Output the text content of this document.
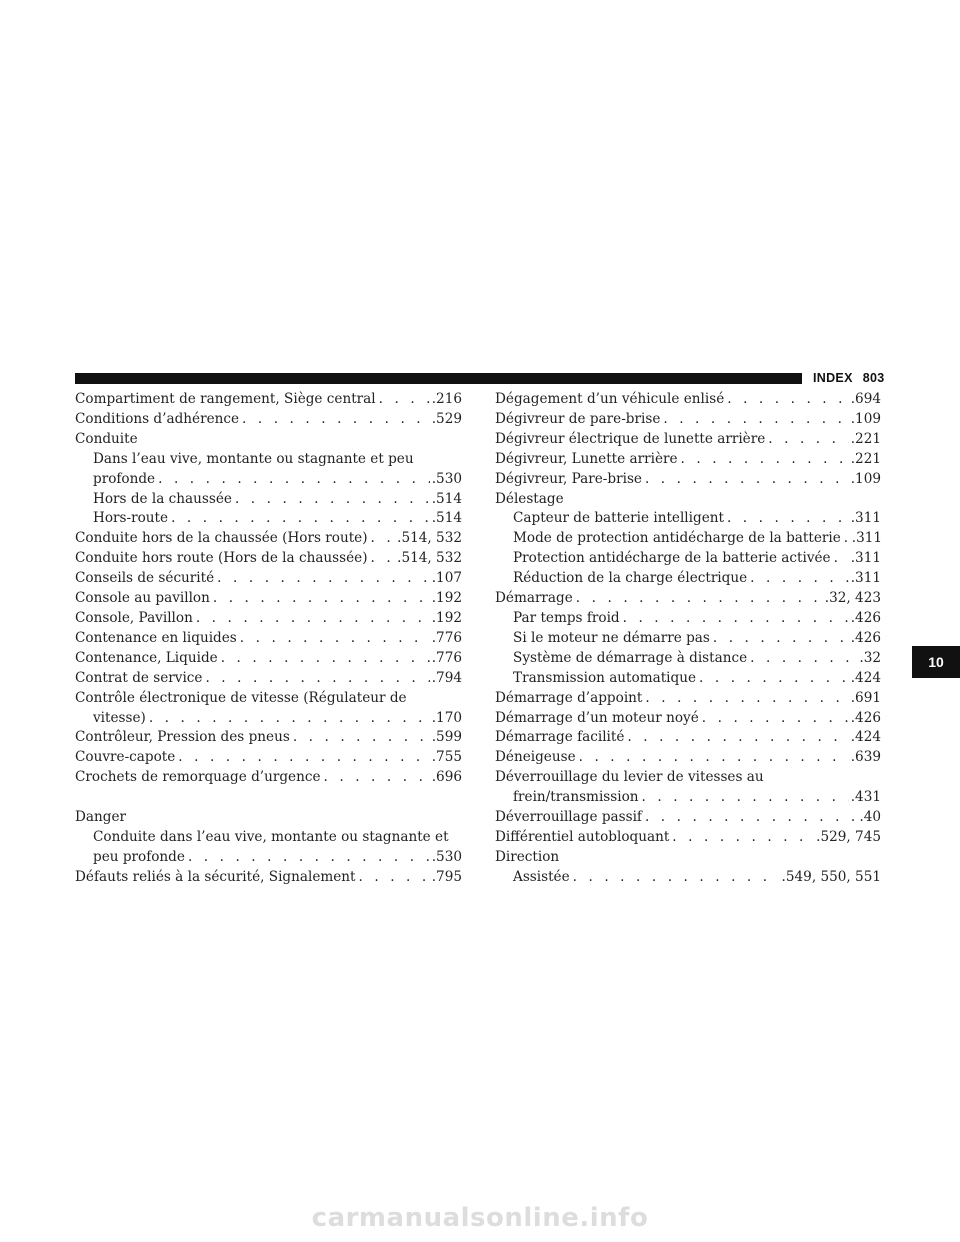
INDEX 803
Compartiment de rangement, Siège central . . .	.216
Conditions d’adhérence . . .	.529
Conduite
Dans l’eau vive, montante ou stagnante et peu
profonde . . .	.530
Hors de la chaussée . . .	.514
Hors-route . . .	.514
Conduite hors de la chaussée (Hors route) . . . .514, 532
Conduite hors route (Hors de la chaussée) . . . .514, 532
Conseils de sécurité . . .	.107
Console au pavillon . . .	.192
Console, Pavillon . . .	.192
Contenance en liquides . . .	.776
Contenance, Liquide . . .	.776
Contrat de service . . .	.794
Contrôle électronique de vitesse (Régulateur de
vitesse) . . .	.170
Contrôleur, Pression des pneus . . .	.599
Couvre-capote . . .	.755
Crochets de remorquage d’urgence . . .	.696
Danger
Conduite dans l’eau vive, montante ou stagnante et
peu profonde . . .	.530
Défauts reliés à la sécurité, Signalement . . .	.795
Dégagement d’un véhicule enlisé . . .	.694
Dégivreur de pare-brise . . .	.109
Dégivreur électrique de lunette arrière . . .	.221
Dégivreur, Lunette arrière . . .	.221
Dégivreur, Pare-brise . . .	.109
Délestage
Capteur de batterie intelligent . . .	.311
Mode de protection antidécharge de la batterie . . . .311
Protection antidécharge de la batterie activée . . . .311
Réduction de la charge électrique . . .	.311
Démarrage . . .	.32, 423
Par temps froid . . .	.426
Si le moteur ne démarre pas . . .	.426
Système de démarrage à distance . . .	.32
Transmission automatique . . .	.424
Démarrage d’appoint . . .	.691
Démarrage d’un moteur noyé . . .	.426
Démarrage facilité . . .	.424
Déneigeuse . . .	.639
Déverrouillage du levier de vitesses au
frein/transmission . . .	.431
Déverrouillage passif . . .	.40
Différentiel autobloquant . . .	.529, 745
Direction
Assistée . . .	.549, 550, 551
10
carmanualsonline.info
